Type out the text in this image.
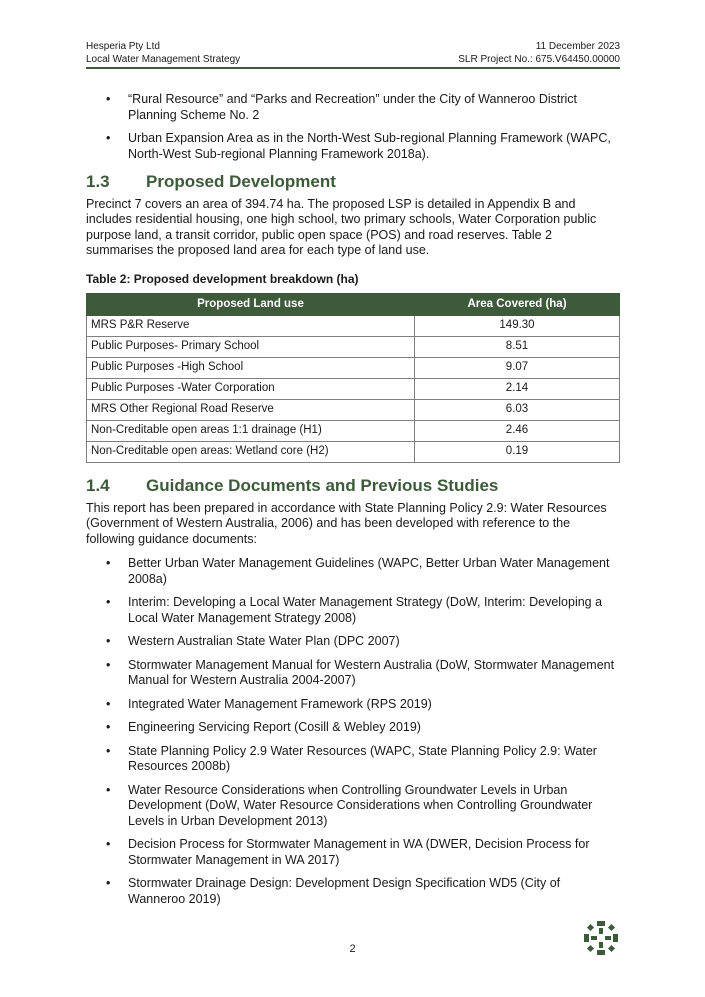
Hesperia Pty Ltd	11 December 2023
Local Water Management Strategy	SLR Project No.: 675.V64450.00000
• “Rural Resource” and “Parks and Recreation” under the City of Wanneroo District Planning Scheme No. 2
• Urban Expansion Area as in the North-West Sub-regional Planning Framework (WAPC, North-West Sub-regional Planning Framework 2018a).
1.3	Proposed Development

Precinct 7 covers an area of 394.74 ha. The proposed LSP is detailed in Appendix B and includes residential housing, one high school, two primary schools, Water Corporation public purpose land, a transit corridor, public open space (POS) and road reserves. Table 2 summarises the proposed land area for each type of land use.

Table 2: Proposed development breakdown (ha)

Proposed Land use	Area Covered (ha)
MRS P&R Reserve	149.30
Public Purposes- Primary School	8.51
Public Purposes -High School	9.07
Public Purposes -Water Corporation	2.14
MRS Other Regional Road Reserve	6.03
Non-Creditable open areas 1:1 drainage (H1)	2.46
Non-Creditable open areas: Wetland core (H2)	0.19
1.4	Guidance Documents and Previous Studies

This report has been prepared in accordance with State Planning Policy 2.9: Water Resources (Government of Western Australia, 2006) and has been developed with reference to the following guidance documents:

• Better Urban Water Management Guidelines (WAPC, Better Urban Water Management 2008a)
• Interim: Developing a Local Water Management Strategy (DoW, Interim: Developing a Local Water Management Strategy 2008)
• Western Australian State Water Plan (DPC 2007)
• Stormwater Management Manual for Western Australia (DoW, Stormwater Management Manual for Western Australia 2004-2007)
• Integrated Water Management Framework (RPS 2019)
• Engineering Servicing Report (Cosill & Webley 2019)
• State Planning Policy 2.9 Water Resources (WAPC, State Planning Policy 2.9: Water Resources 2008b)
• Water Resource Considerations when Controlling Groundwater Levels in Urban Development (DoW, Water Resource Considerations when Controlling Groundwater Levels in Urban Development 2013)
• Decision Process for Stormwater Management in WA (DWER, Decision Process for Stormwater Management in WA 2017)
• Stormwater Drainage Design: Development Design Specification WD5 (City of Wanneroo 2019)
2
